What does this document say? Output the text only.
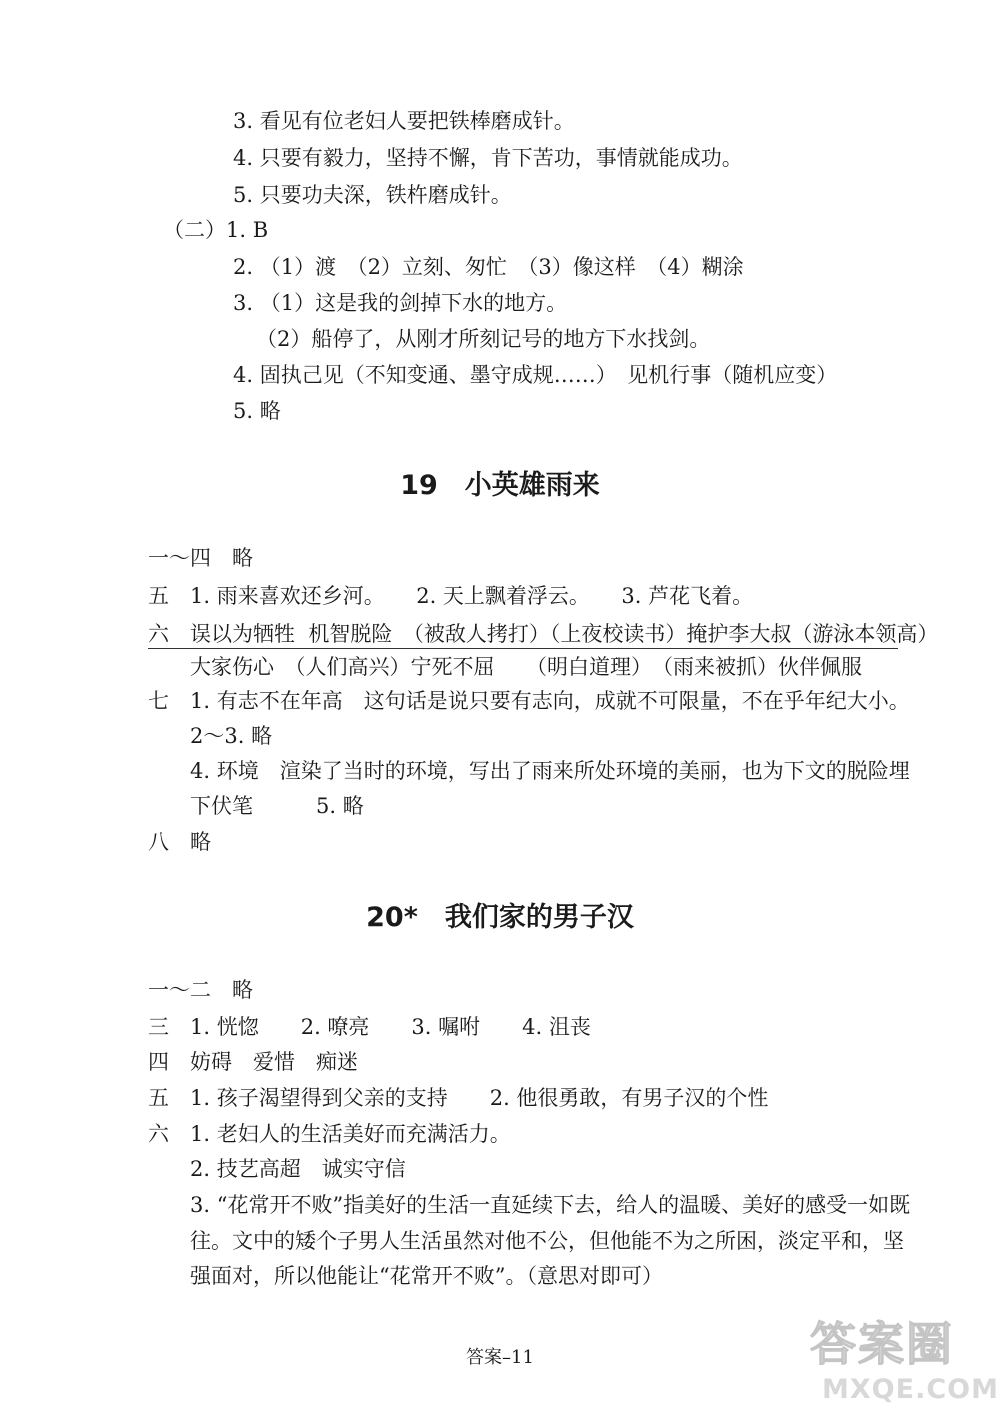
3. 看见有位老妇人要把铁棒磨成针。
4. 只要有毅力，坚持不懈，肯下苦功，事情就能成功。
5. 只要功夫深，铁杵磨成针。
（二）1. B
2. （1）渡　（2）立刻、匆忙　（3）像这样　（4）糊涂
3. （1）这是我的剑掉下水的地方。
（2）船停了，从刚才所刻记号的地方下水找剑。
4. 固执己见（不知变通、墨守成规……）　见机行事（随机应变）
5. 略
19　小英雄雨来
一～四　略
五　1. 雨来喜欢还乡河。　　2. 天上飘着浮云。　　3. 芦花飞着。
六　误以为牺牲  机智脱险　（被敌人拷打）（上夜校读书）掩护李大叔（游泳本领高）
大家伤心　（人们高兴）宁死不屈　　（明白道理）　（雨来被抓）伙伴佩服
七　1. 有志不在年高　这句话是说只要有志向，成就不可限量，不在乎年纪大小。
2～3. 略
4. 环境　渲染了当时的环境，写出了雨来所处环境的美丽，也为下文的脱险埋
下伏笔　　　5. 略
八　略
20*　我们家的男子汉
一～二　略
三　1. 恍惚　　2. 嘹亮　　3. 嘱咐　　4. 沮丧
四　妨碍　爱惜　痴迷
五　1. 孩子渴望得到父亲的支持　　2. 他很勇敢，有男子汉的个性
六　1. 老妇人的生活美好而充满活力。
2. 技艺高超　诚实守信
3. “花常开不败”指美好的生活一直延续下去，给人的温暖、美好的感受一如既
往。文中的矮个子男人生活虽然对他不公，但他能不为之所困，淡定平和，坚
强面对，所以他能让“花常开不败”。（意思对即可）
答案–11	答案圈
MXQE.COM
